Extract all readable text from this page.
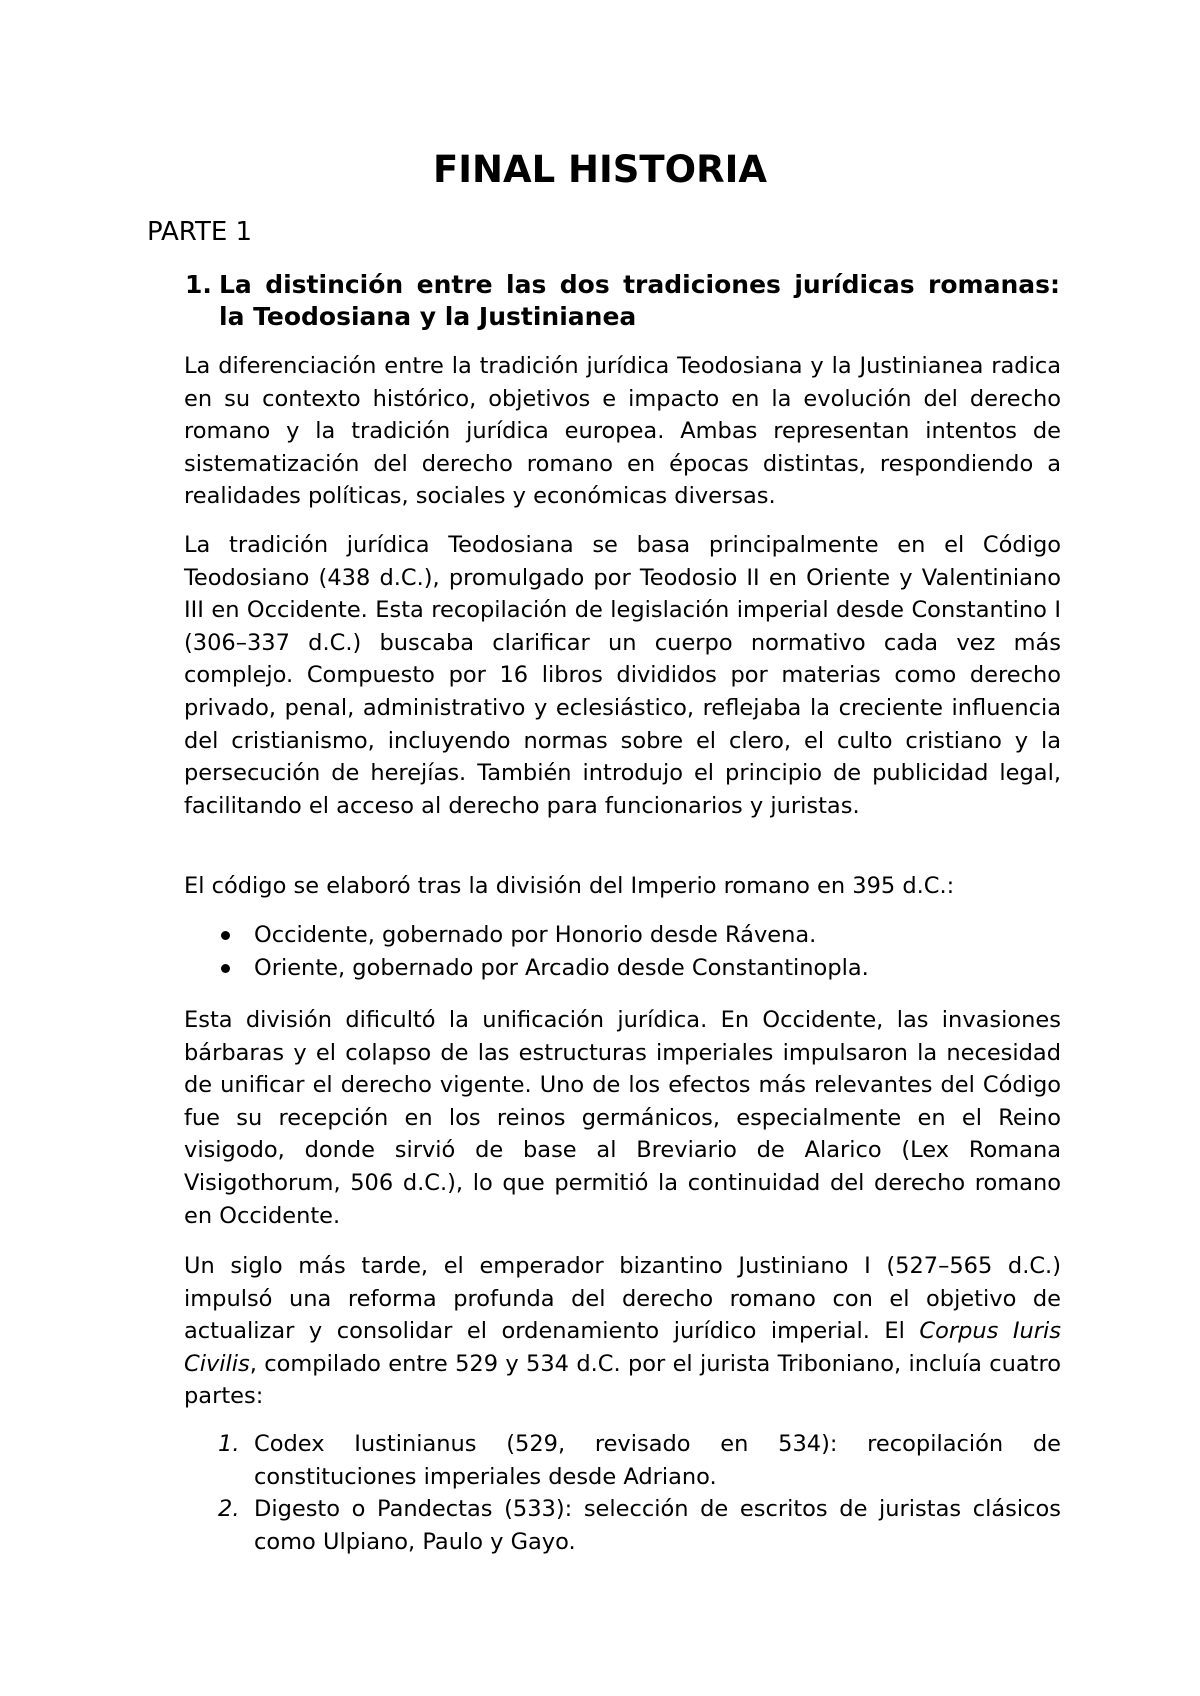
FINAL HISTORIA
PARTE 1
1. La distinción entre las dos tradiciones jurídicas romanas: la Teodosiana y la Justinianea

La diferenciación entre la tradición jurídica Teodosiana y la Justinianea radica en su contexto histórico, objetivos e impacto en la evolución del derecho romano y la tradición jurídica europea. Ambas representan intentos de sistematización del derecho romano en épocas distintas, respondiendo a realidades políticas, sociales y económicas diversas.

La tradición jurídica Teodosiana se basa principalmente en el Código Teodosiano (438 d.C.), promulgado por Teodosio II en Oriente y Valentiniano III en Occidente. Esta recopilación de legislación imperial desde Constantino I (306–337 d.C.) buscaba clarificar un cuerpo normativo cada vez más complejo. Compuesto por 16 libros divididos por materias como derecho privado, penal, administrativo y eclesiástico, reflejaba la creciente influencia del cristianismo, incluyendo normas sobre el clero, el culto cristiano y la persecución de herejías. También introdujo el principio de publicidad legal, facilitando el acceso al derecho para funcionarios y juristas.

El código se elaboró tras la división del Imperio romano en 395 d.C.:

Occidente, gobernado por Honorio desde Rávena.
Oriente, gobernado por Arcadio desde Constantinopla.

Esta división dificultó la unificación jurídica. En Occidente, las invasiones bárbaras y el colapso de las estructuras imperiales impulsaron la necesidad de unificar el derecho vigente. Uno de los efectos más relevantes del Código fue su recepción en los reinos germánicos, especialmente en el Reino visigodo, donde sirvió de base al Breviario de Alarico (Lex Romana Visigothorum, 506 d.C.), lo que permitió la continuidad del derecho romano en Occidente.

Un siglo más tarde, el emperador bizantino Justiniano I (527–565 d.C.) impulsó una reforma profunda del derecho romano con el objetivo de actualizar y consolidar el ordenamiento jurídico imperial. El Corpus Iuris Civilis, compilado entre 529 y 534 d.C. por el jurista Triboniano, incluía cuatro partes:

1. Codex Iustinianus (529, revisado en 534): recopilación de constituciones imperiales desde Adriano.
2. Digesto o Pandectas (533): selección de escritos de juristas clásicos como Ulpiano, Paulo y Gayo.
